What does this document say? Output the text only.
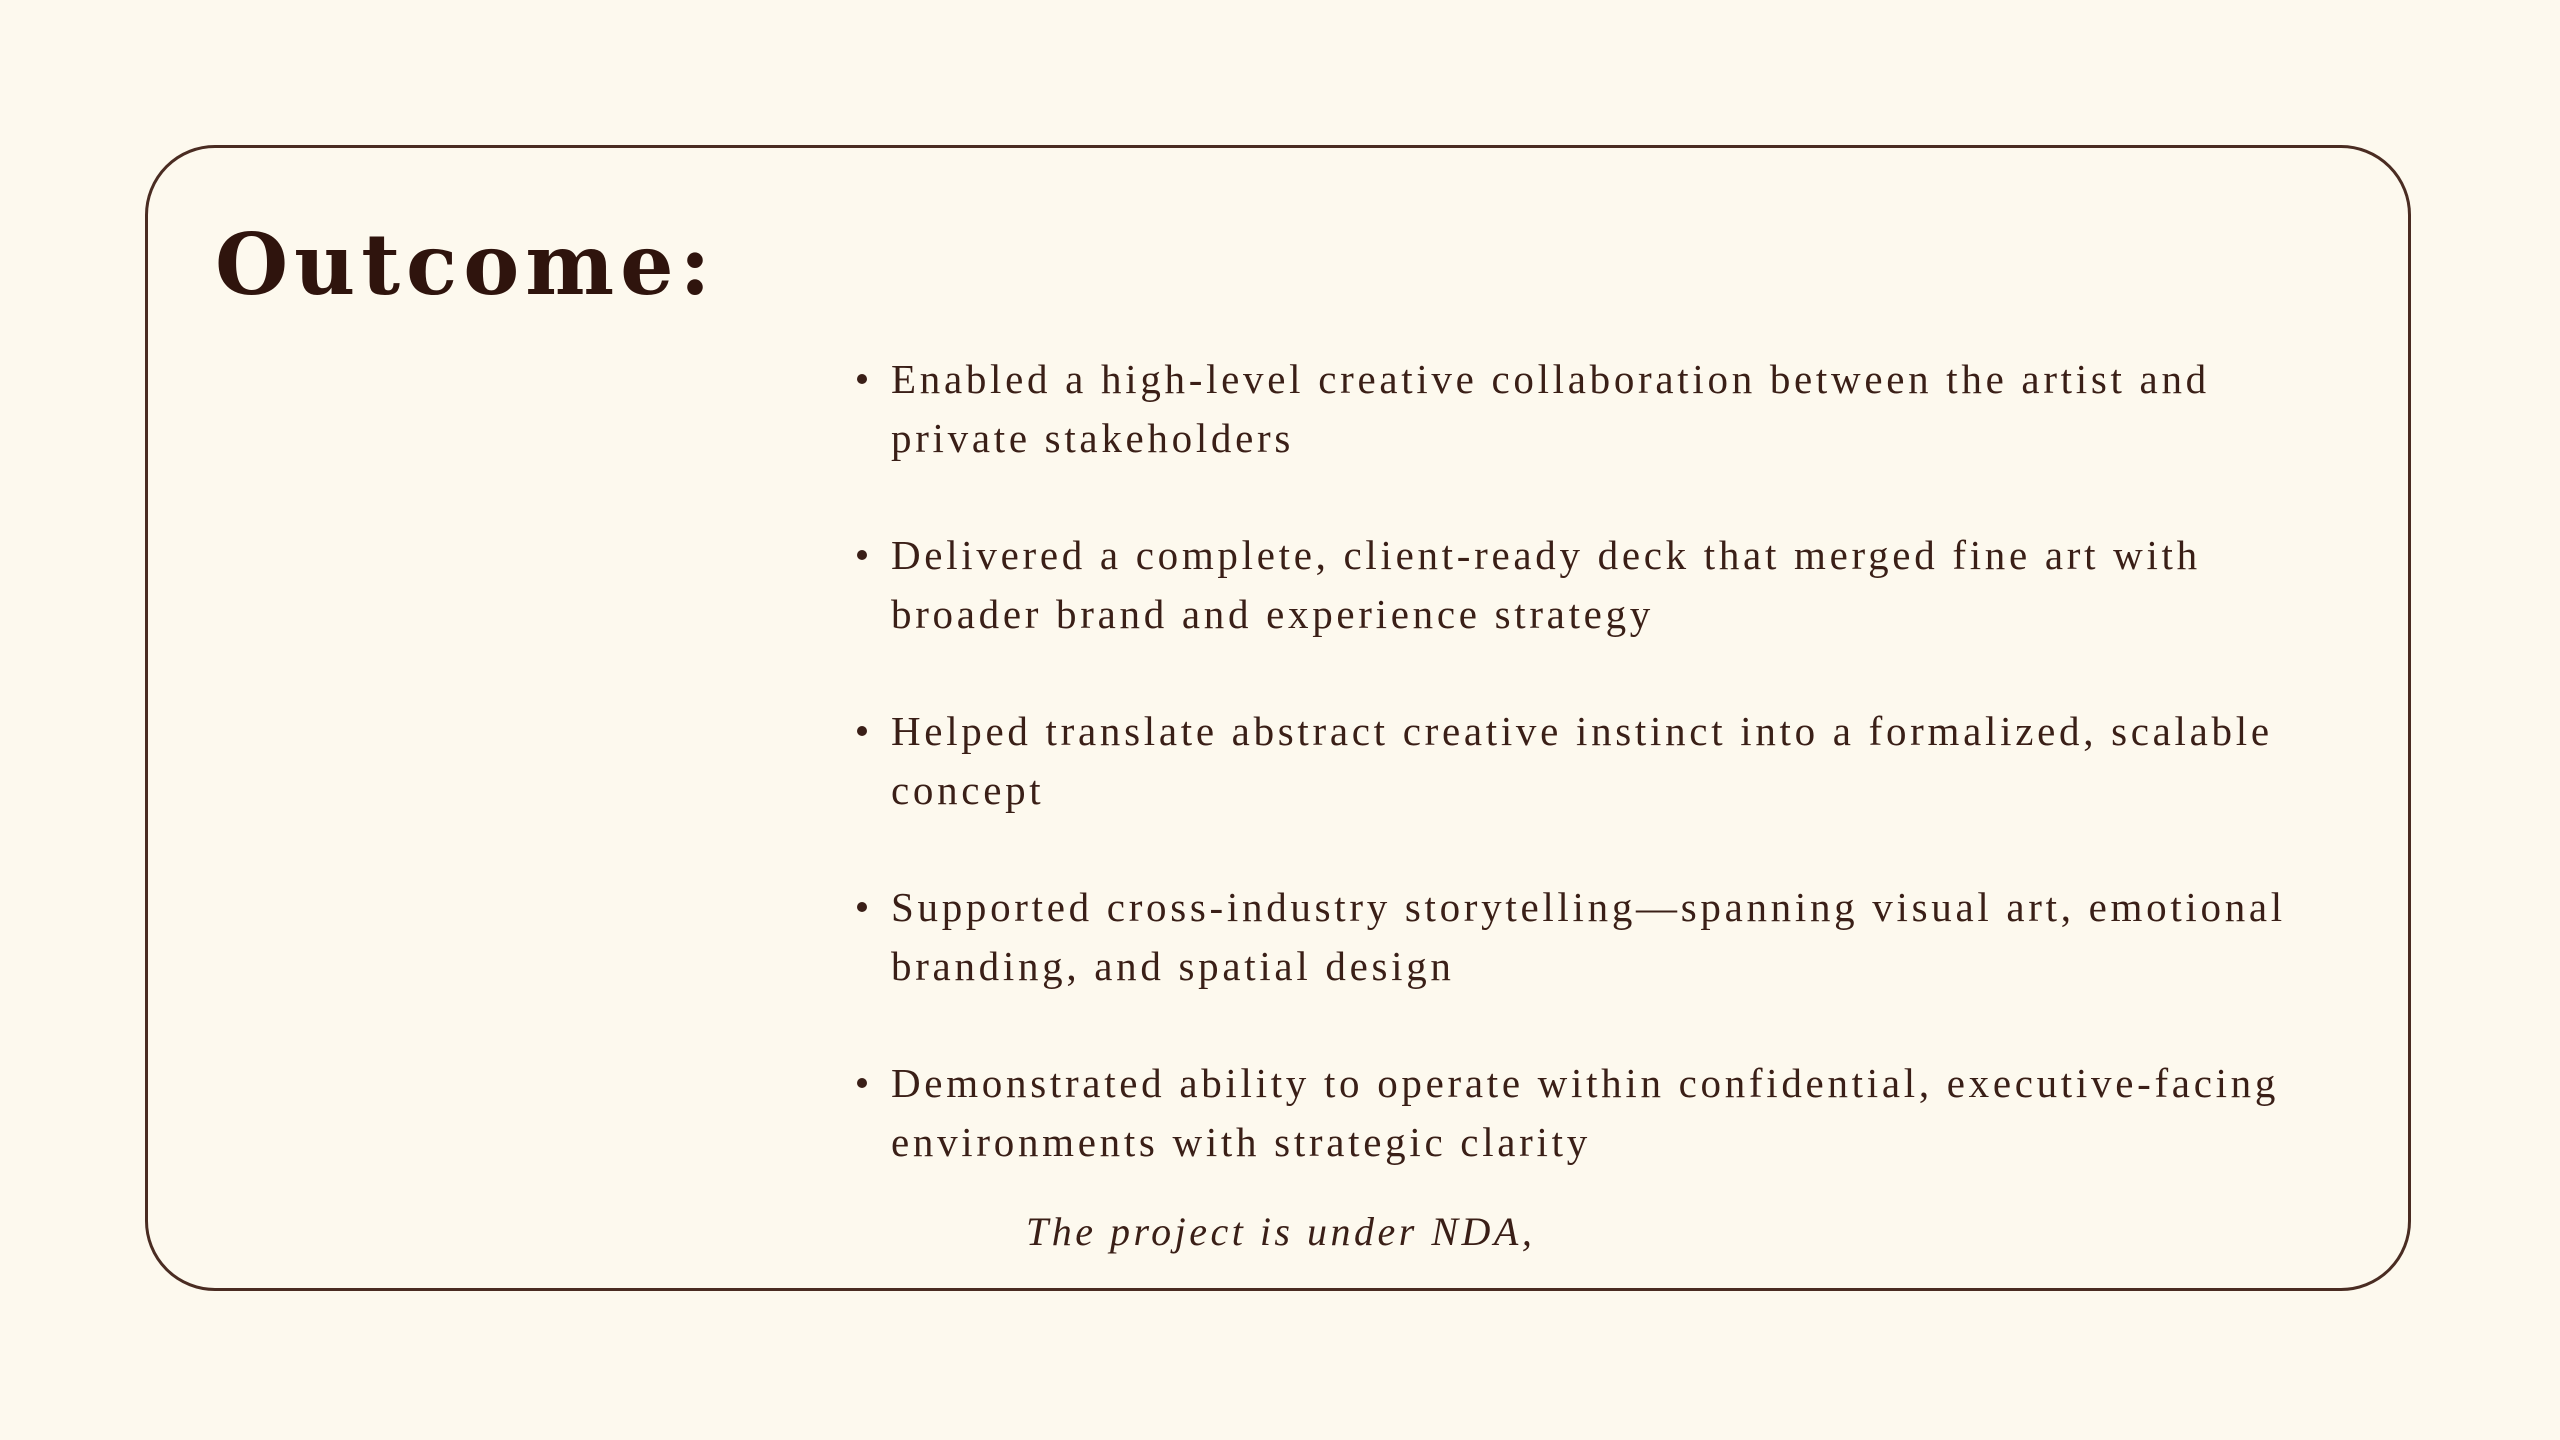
Outcome:
Enabled a high-level creative collaboration between the artist and private stakeholders
Delivered a complete, client-ready deck that merged fine art with broader brand and experience strategy
Helped translate abstract creative instinct into a formalized, scalable concept
Supported cross-industry storytelling—spanning visual art, emotional branding, and spatial design
Demonstrated ability to operate within confidential, executive-facing environments with strategic clarity

The project is under NDA,
